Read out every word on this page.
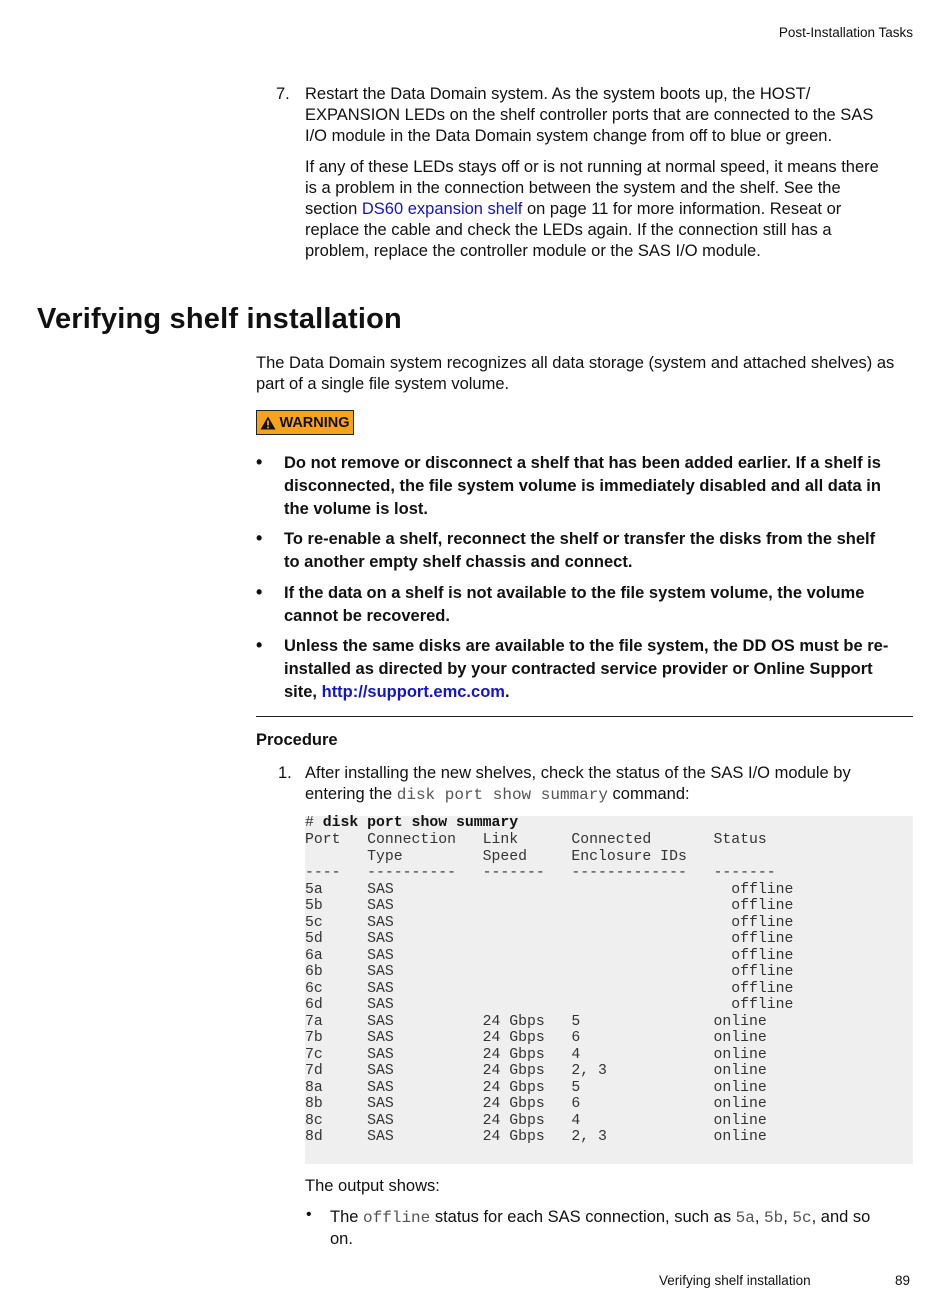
Post-Installation Tasks
7. Restart the Data Domain system. As the system boots up, the HOST/
EXPANSION LEDs on the shelf controller ports that are connected to the SAS
I/O module in the Data Domain system change from off to blue or green.
If any of these LEDs stays off or is not running at normal speed, it means there
is a problem in the connection between the system and the shelf. See the
section DS60 expansion shelf on page 11 for more information. Reseat or
replace the cable and check the LEDs again. If the connection still has a
problem, replace the controller module or the SAS I/O module.
Verifying shelf installation
The Data Domain system recognizes all data storage (system and attached shelves) as
part of a single file system volume.
WARNING
• Do not remove or disconnect a shelf that has been added earlier. If a shelf is
disconnected, the file system volume is immediately disabled and all data in
the volume is lost.
• To re-enable a shelf, reconnect the shelf or transfer the disks from the shelf
to another empty shelf chassis and connect.
• If the data on a shelf is not available to the file system volume, the volume
cannot be recovered.
• Unless the same disks are available to the file system, the DD OS must be re-
installed as directed by your contracted service provider or Online Support
site, http://support.emc.com.
Procedure
1. After installing the new shelves, check the status of the SAS I/O module by
entering the disk port show summary command:
# disk port show summary
Port   Connection   Link      Connected       Status
Type         Speed     Enclosure IDs
----   ----------   -------   -------------   -------
5a     SAS                                      offline
5b     SAS                                      offline
5c     SAS                                      offline
5d     SAS                                      offline
6a     SAS                                      offline
6b     SAS                                      offline
6c     SAS                                      offline
6d     SAS                                      offline
7a     SAS          24 Gbps   5               online
7b     SAS          24 Gbps   6               online
7c     SAS          24 Gbps   4               online
7d     SAS          24 Gbps   2, 3            online
8a     SAS          24 Gbps   5               online
8b     SAS          24 Gbps   6               online
8c     SAS          24 Gbps   4               online
8d     SAS          24 Gbps   2, 3            online
The output shows:
• The offline status for each SAS connection, such as 5a, 5b, 5c, and so
on.
Verifying shelf installation	89
